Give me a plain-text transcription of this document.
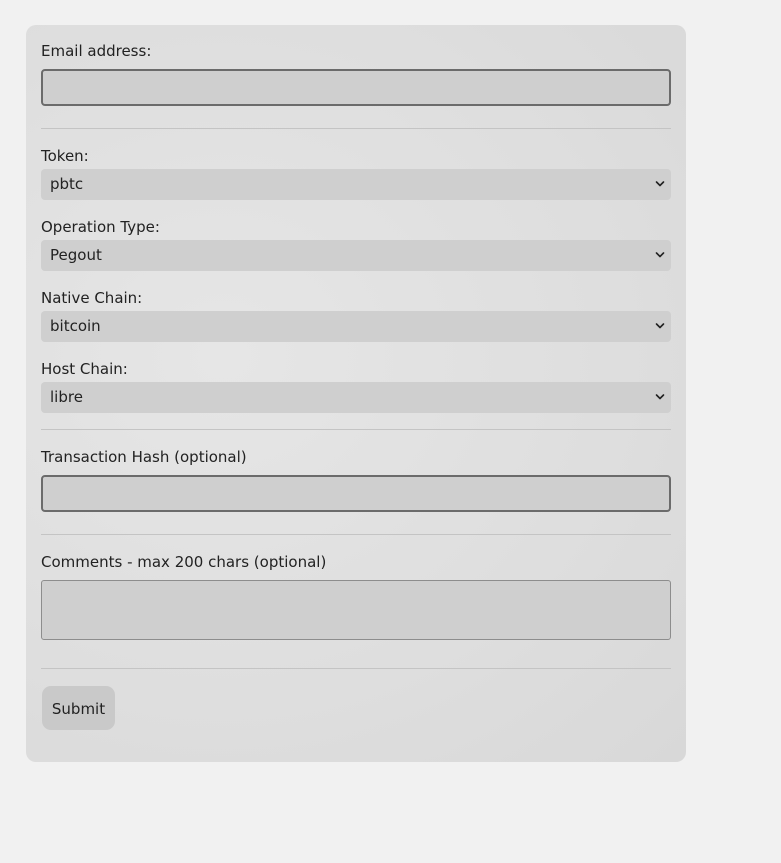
Email address:
Token:
pbtc
Operation Type:
Pegout
Native Chain:
bitcoin
Host Chain:
libre
Transaction Hash (optional)
Comments - max 200 chars (optional)
Submit
